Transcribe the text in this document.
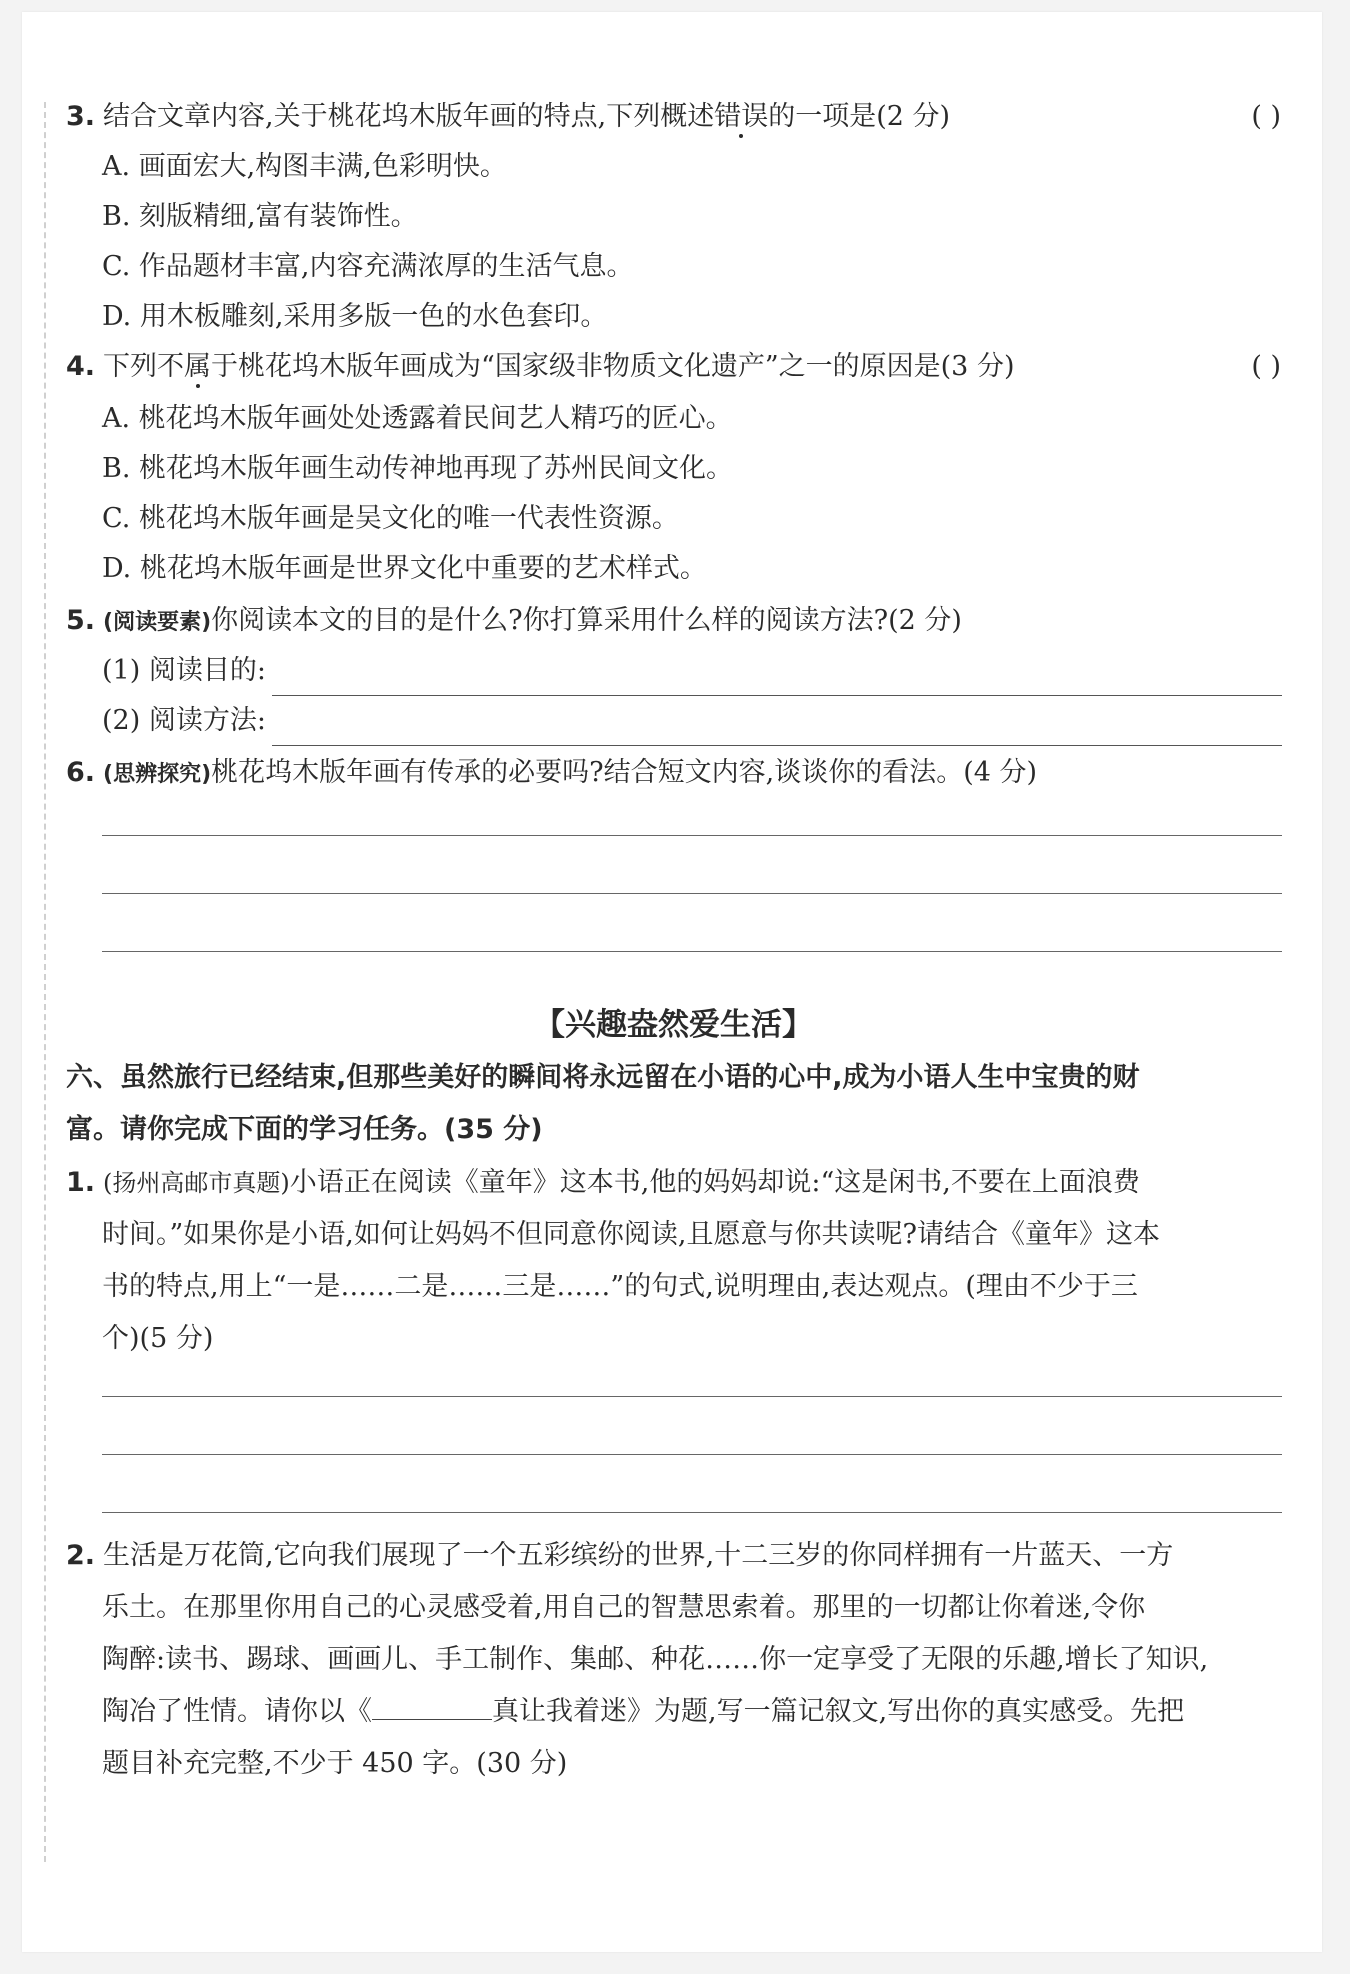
3. 结合文章内容,关于桃花坞木版年画的特点,下列概述错误的一项是(2 分)	( )
A. 画面宏大,构图丰满,色彩明快。
B. 刻版精细,富有装饰性。
C. 作品题材丰富,内容充满浓厚的生活气息。
D. 用木板雕刻,采用多版一色的水色套印。
4. 下列不属于桃花坞木版年画成为“国家级非物质文化遗产”之一的原因是(3 分)	( )
A. 桃花坞木版年画处处透露着民间艺人精巧的匠心。
B. 桃花坞木版年画生动传神地再现了苏州民间文化。
C. 桃花坞木版年画是吴文化的唯一代表性资源。
D. 桃花坞木版年画是世界文化中重要的艺术样式。
5. (阅读要素)你阅读本文的目的是什么?你打算采用什么样的阅读方法?(2 分)
(1) 阅读目的:
(2) 阅读方法:
6. (思辨探究)桃花坞木版年画有传承的必要吗?结合短文内容,谈谈你的看法。(4 分)
【兴趣盎然爱生活】
六、虽然旅行已经结束,但那些美好的瞬间将永远留在小语的心中,成为小语人生中宝贵的财
富。请你完成下面的学习任务。(35 分)
1. (扬州高邮市真题)小语正在阅读《童年》这本书,他的妈妈却说:“这是闲书,不要在上面浪费
时间。”如果你是小语,如何让妈妈不但同意你阅读,且愿意与你共读呢?请结合《童年》这本
书的特点,用上“一是……二是……三是……”的句式,说明理由,表达观点。(理由不少于三
个)(5 分)
2. 生活是万花筒,它向我们展现了一个五彩缤纷的世界,十二三岁的你同样拥有一片蓝天、一方
乐土。在那里你用自己的心灵感受着,用自己的智慧思索着。那里的一切都让你着迷,令你
陶醉:读书、踢球、画画儿、手工制作、集邮、种花……你一定享受了无限的乐趣,增长了知识,
陶冶了性情。请你以《	真让我着迷》为题,写一篇记叙文,写出你的真实感受。先把
题目补充完整,不少于 450 字。(30 分)
